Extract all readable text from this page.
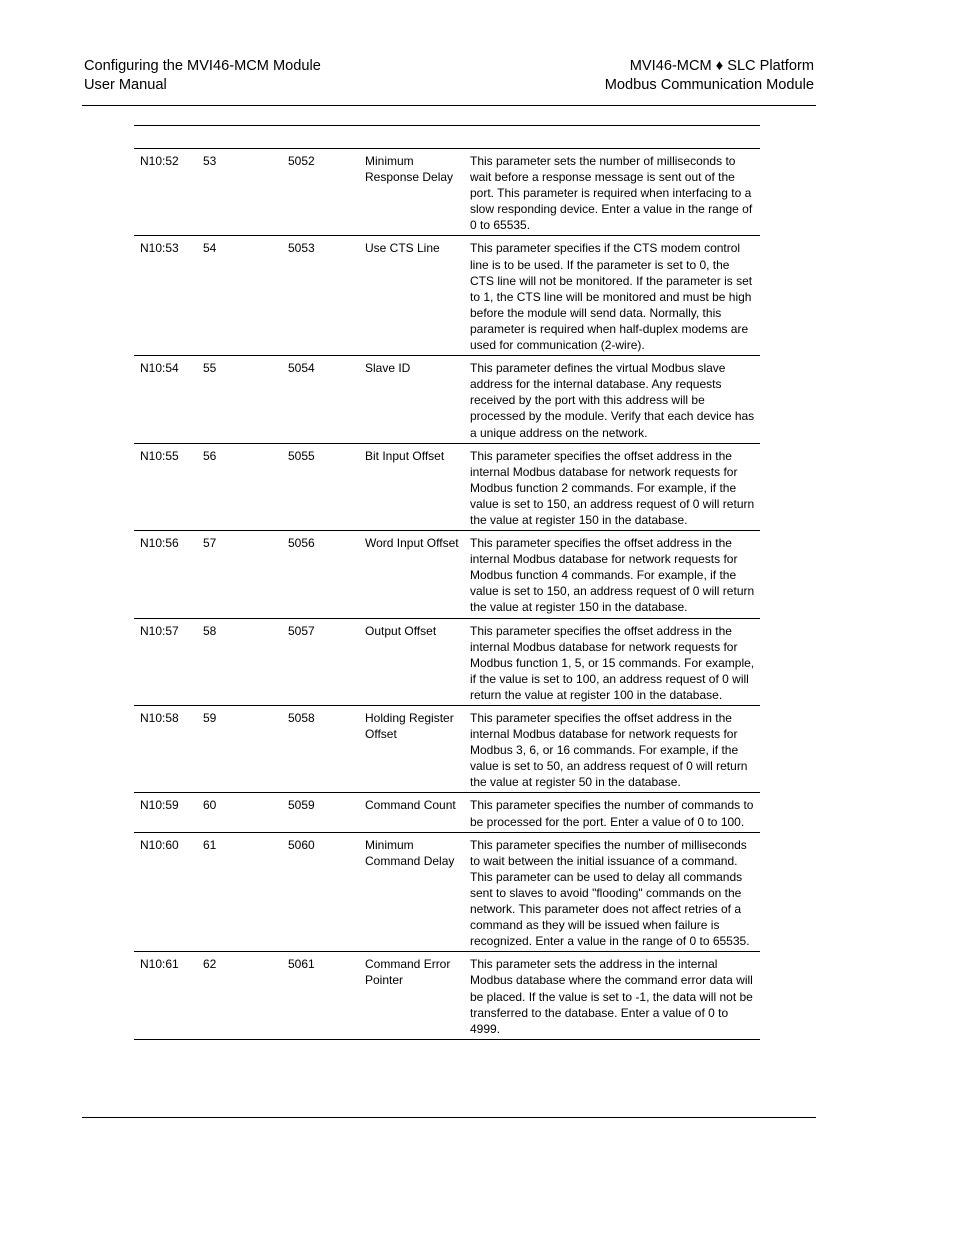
Configuring the MVI46-MCM Module
User Manual
MVI46-MCM ♦ SLC Platform
Modbus Communication Module
N10:52	53	5052	Minimum Response Delay	This parameter sets the number of milliseconds to wait before a response message is sent out of the port. This parameter is required when interfacing to a slow responding device. Enter a value in the range of 0 to 65535.
N10:53	54	5053	Use CTS Line	This parameter specifies if the CTS modem control line is to be used. If the parameter is set to 0, the CTS line will not be monitored. If the parameter is set to 1, the CTS line will be monitored and must be high before the module will send data. Normally, this parameter is required when half-duplex modems are used for communication (2-wire).
N10:54	55	5054	Slave ID	This parameter defines the virtual Modbus slave address for the internal database. Any requests received by the port with this address will be processed by the module. Verify that each device has a unique address on the network.
N10:55	56	5055	Bit Input Offset	This parameter specifies the offset address in the internal Modbus database for network requests for Modbus function 2 commands. For example, if the value is set to 150, an address request of 0 will return the value at register 150 in the database.
N10:56	57	5056	Word Input Offset	This parameter specifies the offset address in the internal Modbus database for network requests for Modbus function 4 commands. For example, if the value is set to 150, an address request of 0 will return the value at register 150 in the database.
N10:57	58	5057	Output Offset	This parameter specifies the offset address in the internal Modbus database for network requests for Modbus function 1, 5, or 15 commands. For example, if the value is set to 100, an address request of 0 will return the value at register 100 in the database.
N10:58	59	5058	Holding Register Offset	This parameter specifies the offset address in the internal Modbus database for network requests for Modbus 3, 6, or 16 commands. For example, if the value is set to 50, an address request of 0 will return the value at register 50 in the database.
N10:59	60	5059	Command Count	This parameter specifies the number of commands to be processed for the port. Enter a value of 0 to 100.
N10:60	61	5060	Minimum Command Delay	This parameter specifies the number of milliseconds to wait between the initial issuance of a command. This parameter can be used to delay all commands sent to slaves to avoid "flooding" commands on the network. This parameter does not affect retries of a command as they will be issued when failure is recognized. Enter a value in the range of 0 to 65535.
N10:61	62	5061	Command Error Pointer	This parameter sets the address in the internal Modbus database where the command error data will be placed. If the value is set to -1, the data will not be transferred to the database. Enter a value of 0 to 4999.
